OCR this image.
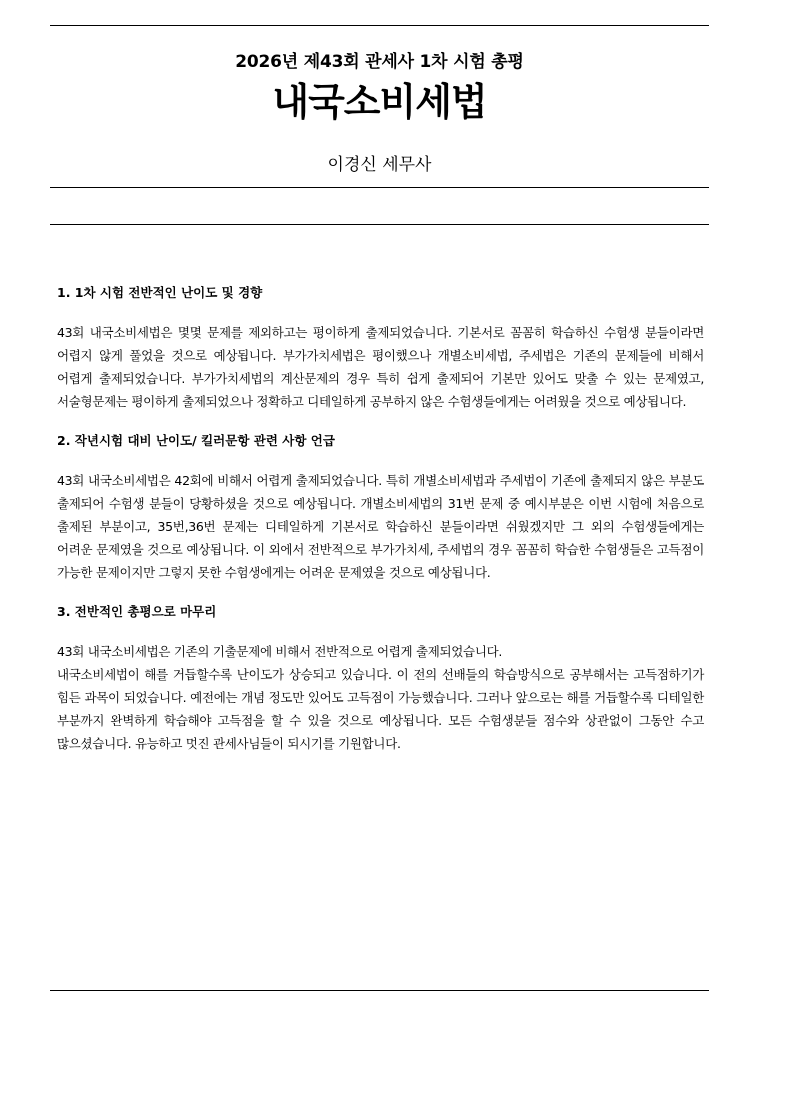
2026년 제43회 관세사 1차 시험 총평
내국소비세법
이경신 세무사

1. 1차 시험 전반적인 난이도 및 경향

43회 내국소비세법은 몇몇 문제를 제외하고는 평이하게 출제되었습니다. 기본서로 꼼꼼히 학습하신 수험생 분들이라면 어렵지 않게 풀었을 것으로 예상됩니다. 부가가치세법은 평이했으나 개별소비세법, 주세법은 기존의 문제들에 비해서 어렵게 출제되었습니다. 부가가치세법의 계산문제의 경우 특히 쉽게 출제되어 기본만 있어도 맞출 수 있는 문제였고, 서술형문제는 평이하게 출제되었으나 정확하고 디테일하게 공부하지 않은 수험생들에게는 어려웠을 것으로 예상됩니다.

2. 작년시험 대비 난이도/ 킬러문항 관련 사항 언급

43회 내국소비세법은 42회에 비해서 어렵게 출제되었습니다. 특히 개별소비세법과 주세법이 기존에 출제되지 않은 부분도 출제되어 수험생 분들이 당황하셨을 것으로 예상됩니다. 개별소비세법의 31번 문제 중 예시부분은 이번 시험에 처음으로 출제된 부분이고, 35번,36번 문제는 디테일하게 기본서로 학습하신 분들이라면 쉬웠겠지만 그 외의 수험생들에게는 어려운 문제였을 것으로 예상됩니다. 이 외에서 전반적으로 부가가치세, 주세법의 경우 꼼꼼히 학습한 수험생들은 고득점이 가능한 문제이지만 그렇지 못한 수험생에게는 어려운 문제였을 것으로 예상됩니다.

3. 전반적인 총평으로 마무리

43회 내국소비세법은 기존의 기출문제에 비해서 전반적으로 어렵게 출제되었습니다.

내국소비세법이 해를 거듭할수록 난이도가 상승되고 있습니다. 이 전의 선배들의 학습방식으로 공부해서는 고득점하기가 힘든 과목이 되었습니다. 예전에는 개념 정도만 있어도 고득점이 가능했습니다. 그러나 앞으로는 해를 거듭할수록 디테일한 부분까지 완벽하게 학습해야 고득점을 할 수 있을 것으로 예상됩니다. 모든 수험생분들 점수와 상관없이 그동안 수고 많으셨습니다. 유능하고 멋진 관세사님들이 되시기를 기원합니다.
